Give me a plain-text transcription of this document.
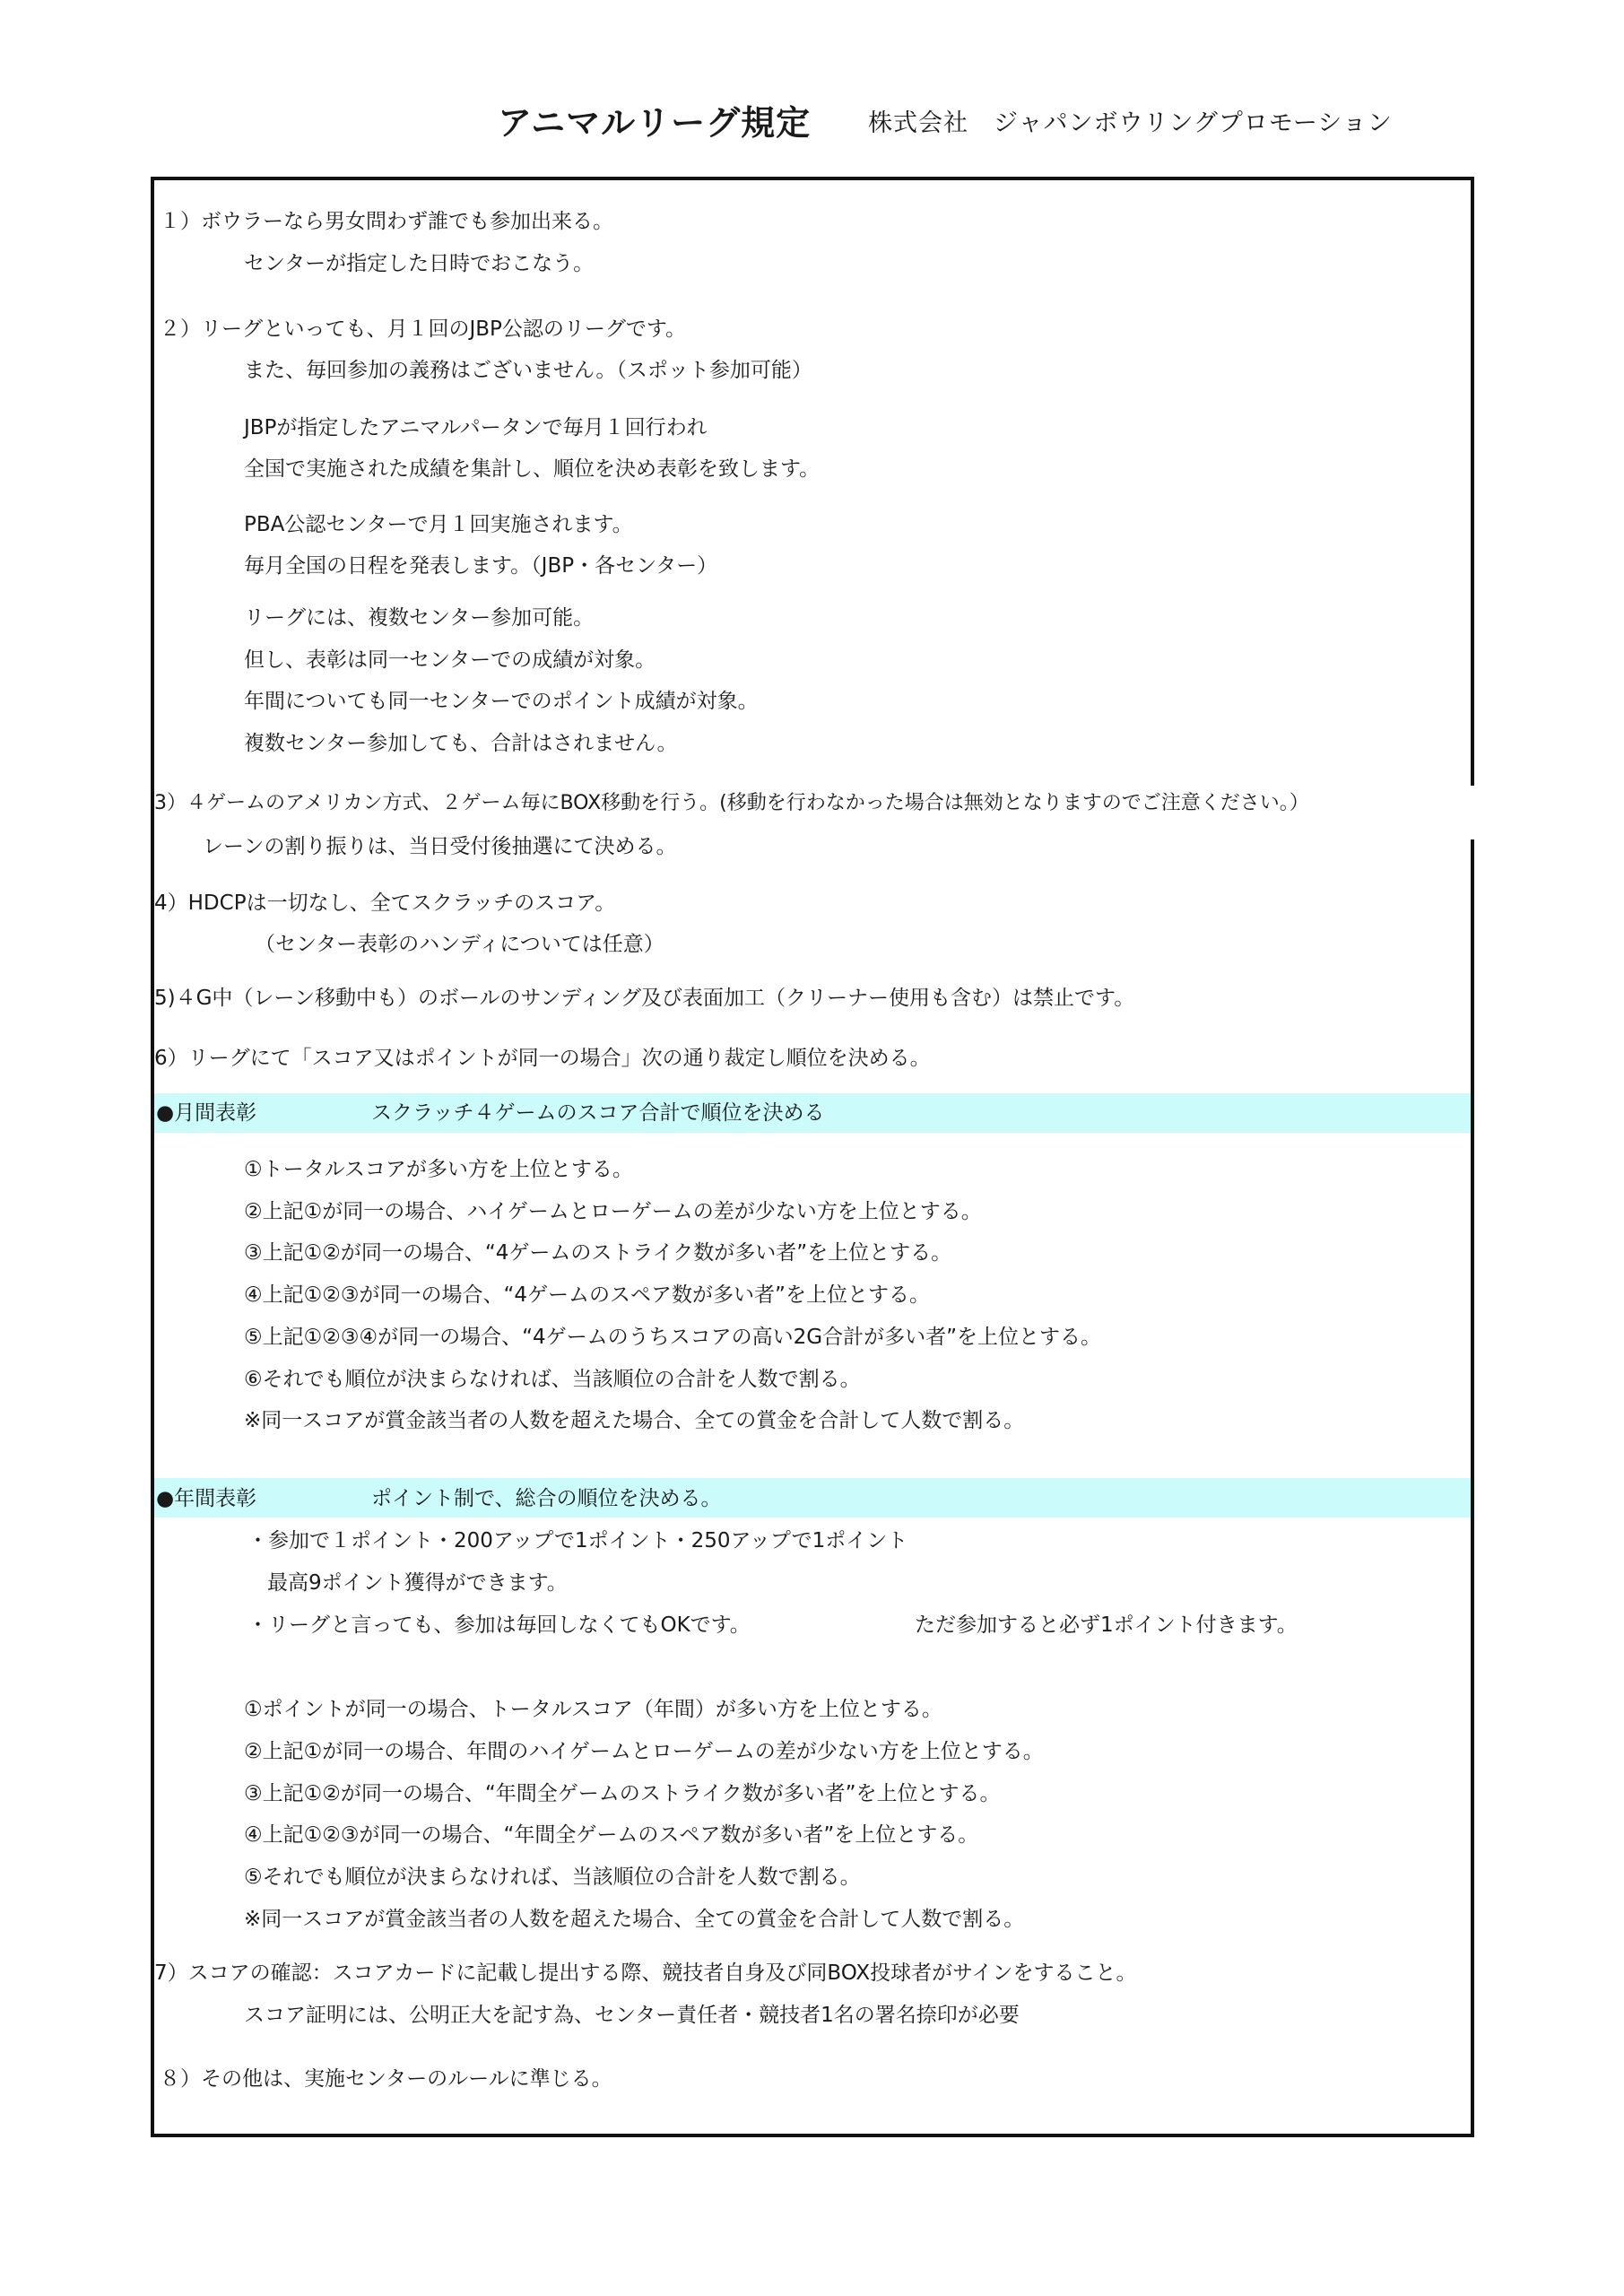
アニマルリーグ規定 株式会社　ジャパンボウリングプロモーション
１）ボウラーなら男女問わず誰でも参加出来る。
センターが指定した日時でおこなう。
２）リーグといっても、月１回のJBP公認のリーグです。
また、毎回参加の義務はございません。（スポット参加可能）
JBPが指定したアニマルパータンで毎月１回行われ
全国で実施された成績を集計し、順位を決め表彰を致します。
PBA公認センターで月１回実施されます。
毎月全国の日程を発表します。（JBP・各センター）
リーグには、複数センター参加可能。
但し、表彰は同一センターでの成績が対象。
年間についても同一センターでのポイント成績が対象。
複数センター参加しても、合計はされません。
3）４ゲームのアメリカン方式、２ゲーム毎にBOX移動を行う。(移動を行わなかった場合は無効となりますのでご注意ください。）
レーンの割り振りは、当日受付後抽選にて決める。
4）HDCPは一切なし、全てスクラッチのスコア。
（センター表彰のハンディについては任意）
5)４G中（レーン移動中も）のボールのサンディング及び表面加工（クリーナー使用も含む）は禁止です。
6）リーグにて「スコア又はポイントが同一の場合」次の通り裁定し順位を決める。
●月間表彰	スクラッチ４ゲームのスコア合計で順位を決める
①トータルスコアが多い方を上位とする。
②上記①が同一の場合、ハイゲームとローゲームの差が少ない方を上位とする。
③上記①②が同一の場合、“4ゲームのストライク数が多い者”を上位とする。
④上記①②③が同一の場合、“4ゲームのスペア数が多い者”を上位とする。
⑤上記①②③④が同一の場合、“4ゲームのうちスコアの高い2G合計が多い者”を上位とする。
⑥それでも順位が決まらなければ、当該順位の合計を人数で割る。
※同一スコアが賞金該当者の人数を超えた場合、全ての賞金を合計して人数で割る。
●年間表彰	ポイント制で、総合の順位を決める。
・参加で１ポイント・200アップで1ポイント・250アップで1ポイント
最高9ポイント獲得ができます。
・リーグと言っても、参加は毎回しなくてもOKです。	ただ参加すると必ず1ポイント付きます。
①ポイントが同一の場合、トータルスコア（年間）が多い方を上位とする。
②上記①が同一の場合、年間のハイゲームとローゲームの差が少ない方を上位とする。
③上記①②が同一の場合、“年間全ゲームのストライク数が多い者”を上位とする。
④上記①②③が同一の場合、“年間全ゲームのスペア数が多い者”を上位とする。
⑤それでも順位が決まらなければ、当該順位の合計を人数で割る。
※同一スコアが賞金該当者の人数を超えた場合、全ての賞金を合計して人数で割る。
7）スコアの確認：スコアカードに記載し提出する際、競技者自身及び同BOX投球者がサインをすること。
スコア証明には、公明正大を記す為、センター責任者・競技者1名の署名捺印が必要
８）その他は、実施センターのルールに準じる。
